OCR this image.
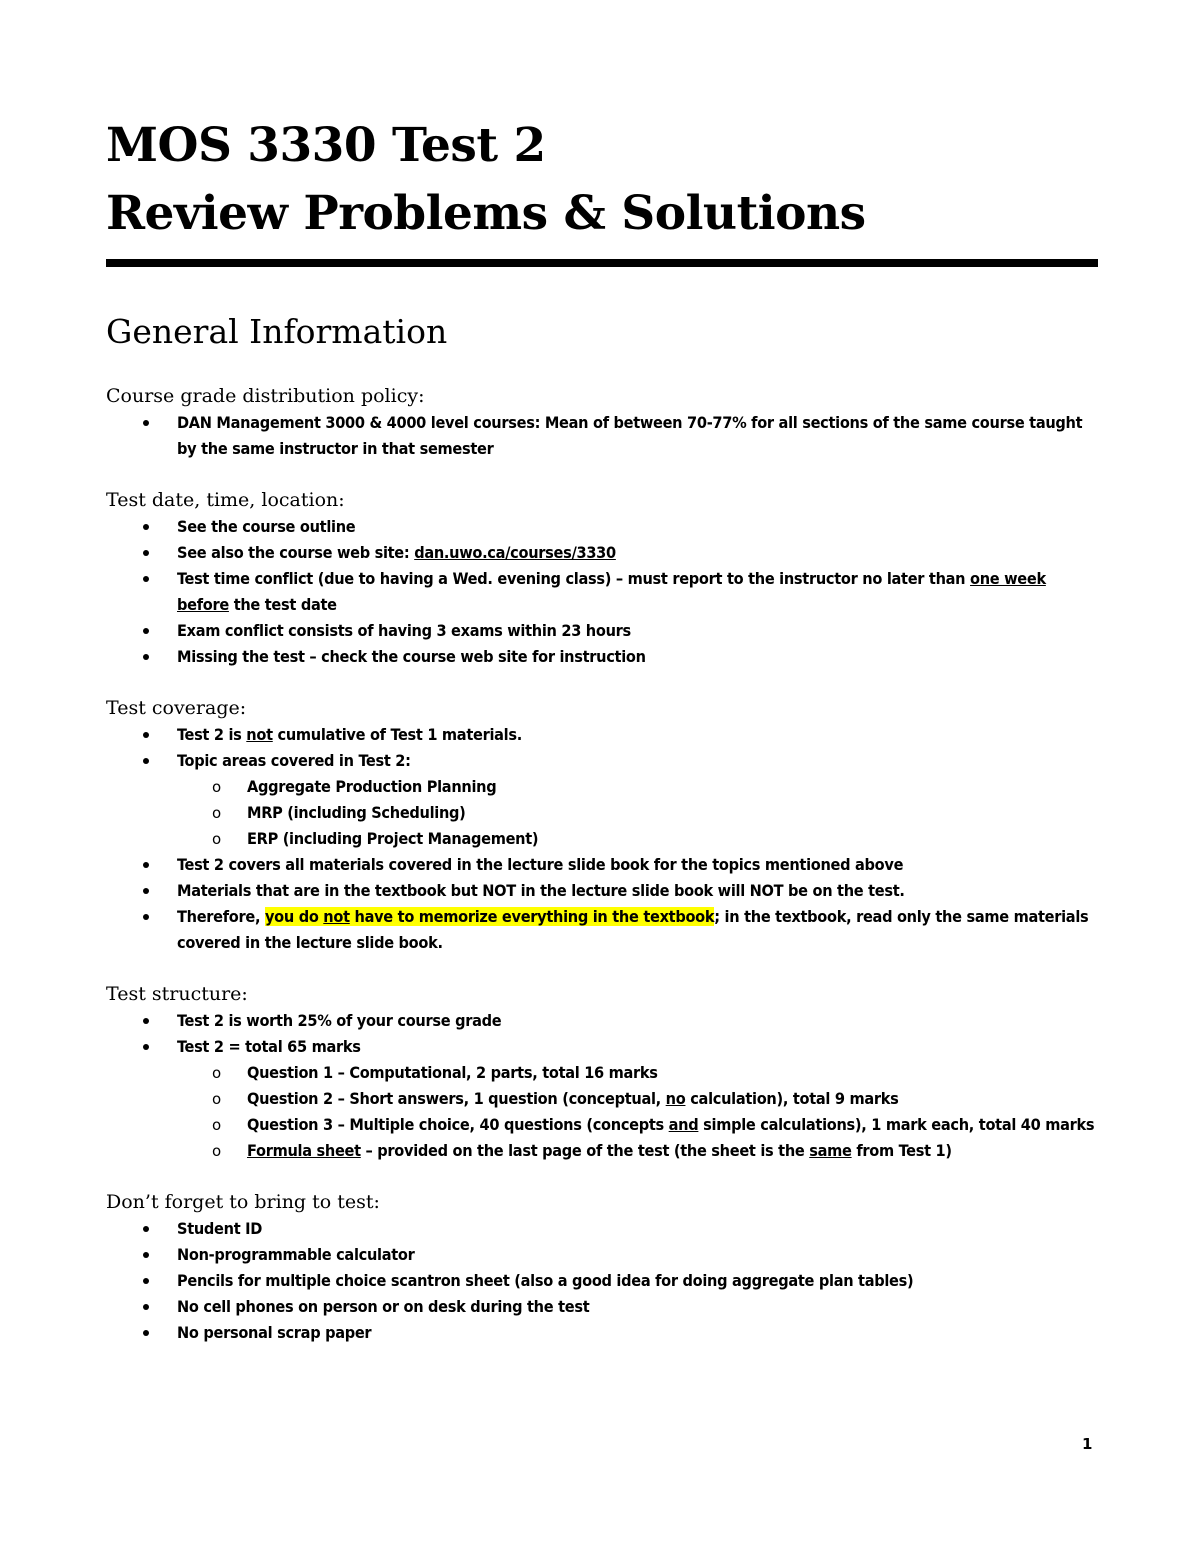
MOS 3330 Test 2
Review Problems & Solutions
General Information

Course grade distribution policy:

DAN Management 3000 & 4000 level courses: Mean of between 70-77% for all sections of the same course taught by the same instructor in that semester

Test date, time, location:

See the course outline
See also the course web site: dan.uwo.ca/courses/3330
Test time conflict (due to having a Wed. evening class) – must report to the instructor no later than one week before the test date
Exam conflict consists of having 3 exams within 23 hours
Missing the test – check the course web site for instruction

Test coverage:

Test 2 is not cumulative of Test 1 materials.
Topic areas covered in Test 2:
o Aggregate Production Planning
o MRP (including Scheduling)
o ERP (including Project Management)
Test 2 covers all materials covered in the lecture slide book for the topics mentioned above
Materials that are in the textbook but NOT in the lecture slide book will NOT be on the test.
Therefore, you do not have to memorize everything in the textbook; in the textbook, read only the same materials covered in the lecture slide book.

Test structure:

Test 2 is worth 25% of your course grade
Test 2 = total 65 marks
o Question 1 – Computational, 2 parts, total 16 marks
o Question 2 – Short answers, 1 question (conceptual, no calculation), total 9 marks
o Question 3 – Multiple choice, 40 questions (concepts and simple calculations), 1 mark each, total 40 marks
o Formula sheet – provided on the last page of the test (the sheet is the same from Test 1)

Don’t forget to bring to test:

Student ID
Non-programmable calculator
Pencils for multiple choice scantron sheet (also a good idea for doing aggregate plan tables)
No cell phones on person or on desk during the test
No personal scrap paper
1
